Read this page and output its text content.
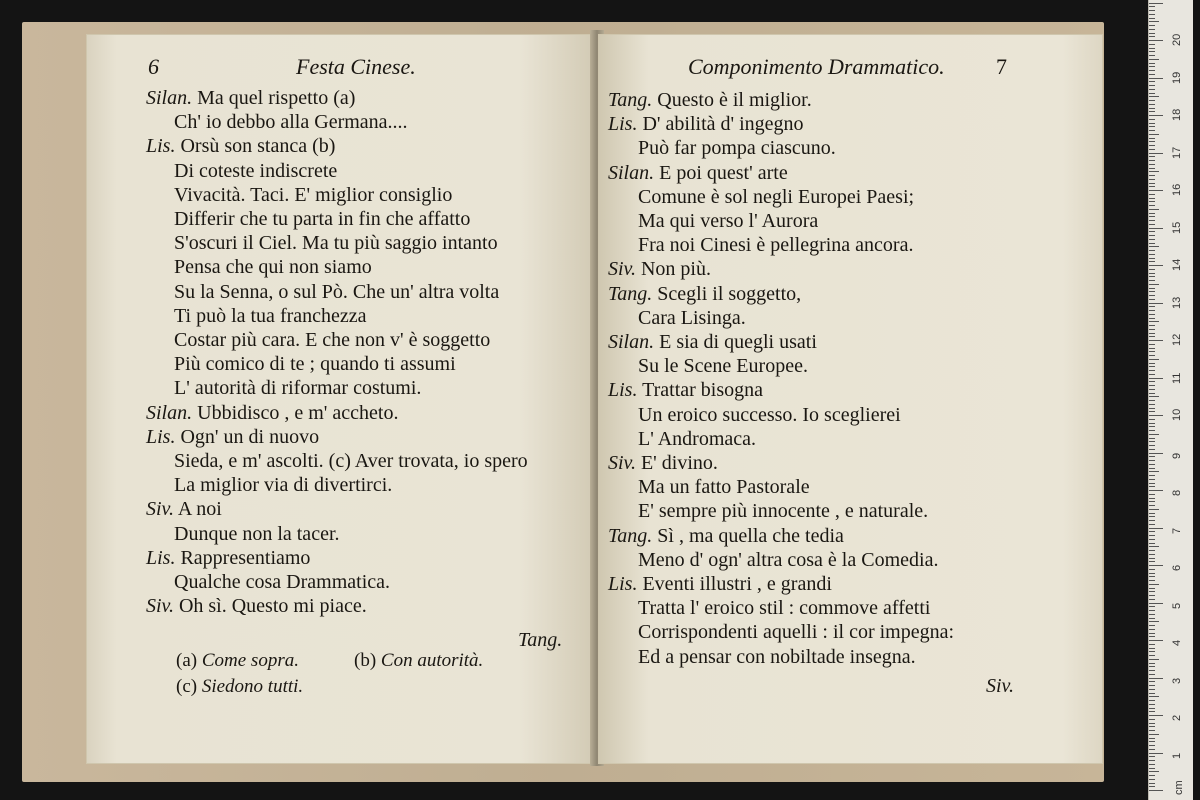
6	Festa Cinese.
Silan. Ma quel rispetto (a)
Ch' io debbo alla Germana....
Lis. Orsù son stanca (b)
Di coteste indiscrete
Vivacità. Taci. E' miglior consiglio
Differir che tu parta in fin che affatto
S'oscuri il Ciel. Ma tu più saggio intanto
Pensa che qui non siamo
Su la Senna, o sul Pò. Che un' altra volta
Ti può la tua franchezza
Costar più cara. E che non v' è soggetto
Più comico di te ; quando ti assumi
L' autorità di riformar costumi.
Silan. Ubbidisco , e m' accheto.
Lis. Ogn' un di nuovo
Sieda, e m' ascolti. (c) Aver trovata, io spero
La miglior via di divertirci.
Siv. A noi
Dunque non la tacer.
Lis. Rappresentiamo
Qualche cosa Drammatica.
Siv. Oh sì. Questo mi piace.
Tang.
(a) Come sopra.	(b) Con autorità.
(c) Siedono tutti.
Componimento Drammatico. 7
Tang. Questo è il miglior.
Lis. D' abilità d' ingegno
Può far pompa ciascuno.
Silan. E poi quest' arte
Comune è sol negli Europei Paesi;
Ma qui verso l' Aurora
Fra noi Cinesi è pellegrina ancora.
Siv. Non più.
Tang. Scegli il soggetto,
Cara Lisinga.
Silan. E sia di quegli usati
Su le Scene Europee.
Lis. Trattar bisogna
Un eroico successo. Io sceglierei
L' Andromaca.
Siv. E' divino.
Ma un fatto Pastorale
E' sempre più innocente , e naturale.
Tang. Sì , ma quella che tedia
Meno d' ogn' altra cosa è la Comedia.
Lis. Eventi illustri , e grandi
Tratta l' eroico stil : commove affetti
Corrispondenti aquelli : il cor impegna:
Ed a pensar con nobiltade insegna.
Siv.
cm
1
2
3
4
5
6
7
8
9
10
11
12
13
14
15
16
17
18
19
20
